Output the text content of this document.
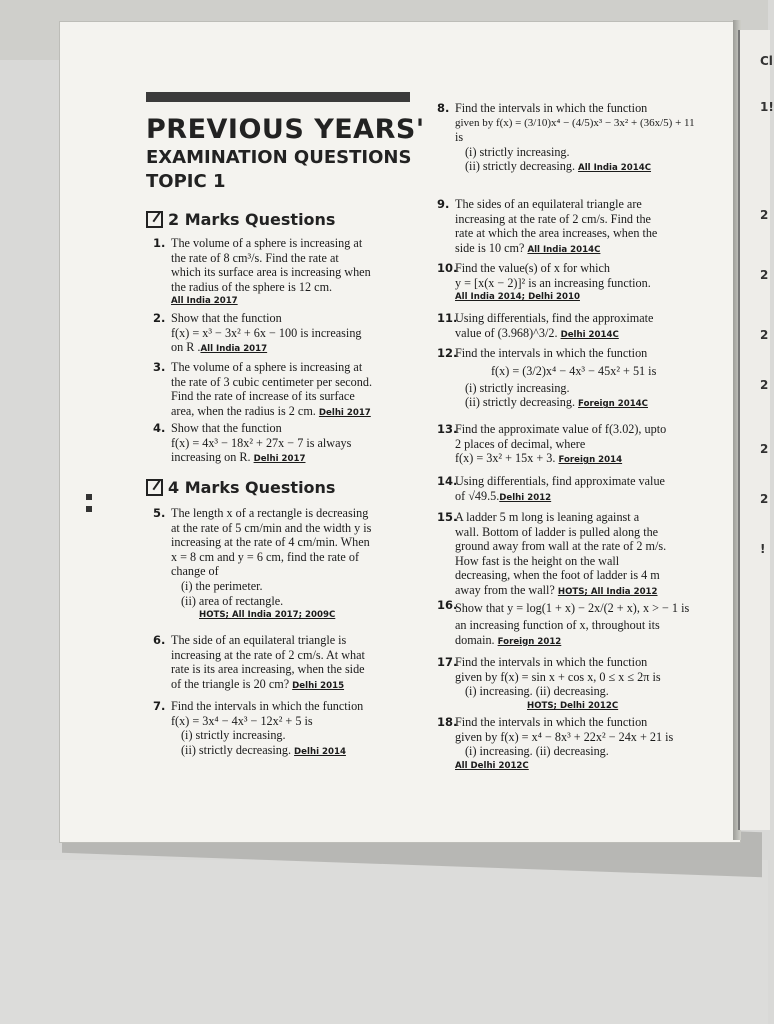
Cl
1!
2
2
2
2
2
2
!
PREVIOUS YEARS'
EXAMINATION QUESTIONS
TOPIC 1
2 Marks Questions
4 Marks Questions
1. The volume of a sphere is increasing at
the rate of 8 cm³/s. Find the rate at
which its surface area is increasing when
the radius of the sphere is 12 cm.
All India 2017
2. Show that the function
f(x) = x³ − 3x² + 6x − 100 is increasing
on R .All India 2017
3. The volume of a sphere is increasing at
the rate of 3 cubic centimeter per second.
Find the rate of increase of its surface
area, when the radius is 2 cm. Delhi 2017
4. Show that the function
f(x) = 4x³ − 18x² + 27x − 7 is always
increasing on R. Delhi 2017
5. The length x of a rectangle is decreasing
at the rate of 5 cm/min and the width y is
increasing at the rate of 4 cm/min. When
x = 8 cm and y = 6 cm, find the rate of
change of
(i) the perimeter.
(ii) area of rectangle.
HOTS; All India 2017; 2009C
6. The side of an equilateral triangle is
increasing at the rate of 2 cm/s. At what
rate is its area increasing, when the side
of the triangle is 20 cm? Delhi 2015
7. Find the intervals in which the function
f(x) = 3x⁴ − 4x³ − 12x² + 5 is
(i) strictly increasing.
(ii) strictly decreasing. Delhi 2014
8. Find the intervals in which the function
given by f(x) = (3/10)x⁴ − (4/5)x³ − 3x² + (36x/5) + 11
is
(i) strictly increasing.
(ii) strictly decreasing. All India 2014C
9. The sides of an equilateral triangle are
increasing at the rate of 2 cm/s. Find the
rate at which the area increases, when the
side is 10 cm? All India 2014C
10.
Find the value(s) of x for which
y = [x(x − 2)]² is an increasing function.
All India 2014; Delhi 2010
11.
Using differentials, find the approximate
value of (3.968)^3/2. Delhi 2014C
12.
Find the intervals in which the function
f(x) = (3/2)x⁴ − 4x³ − 45x² + 51 is
(i) strictly increasing.
(ii) strictly decreasing. Foreign 2014C
13.
Find the approximate value of f(3.02), upto
2 places of decimal, where
f(x) = 3x² + 15x + 3. Foreign 2014
14.
Using differentials, find approximate value
of √49.5.Delhi 2012
15.
A ladder 5 m long is leaning against a
wall. Bottom of ladder is pulled along the
ground away from wall at the rate of 2 m/s.
How fast is the height on the wall
decreasing, when the foot of ladder is 4 m
away from the wall? HOTS; All India 2012
16.
Show that y = log(1 + x) − 2x/(2 + x), x > − 1 is
an increasing function of x, throughout its
domain. Foreign 2012
17.
Find the intervals in which the function
given by f(x) = sin x + cos x, 0 ≤ x ≤ 2π is
(i) increasing. (ii) decreasing.
HOTS; Delhi 2012C
18.
Find the intervals in which the function
given by f(x) = x⁴ − 8x³ + 22x² − 24x + 21 is
(i) increasing. (ii) decreasing.
All Delhi 2012C
